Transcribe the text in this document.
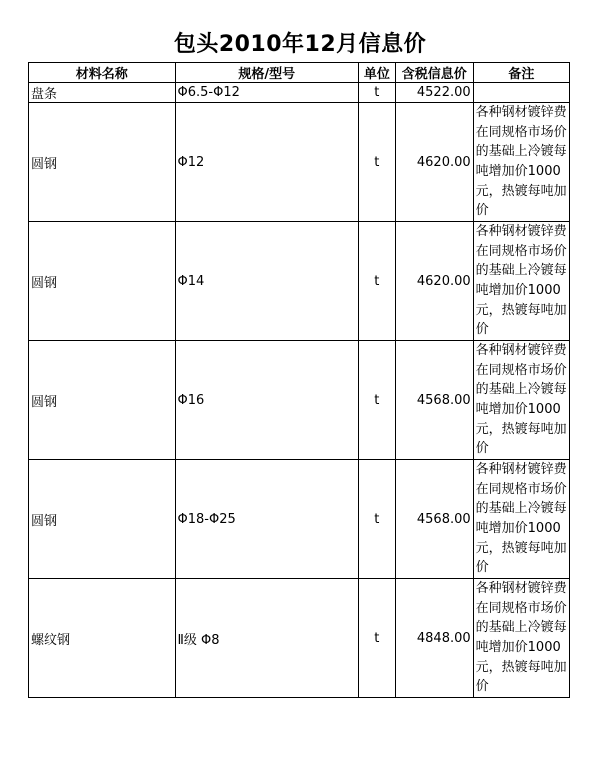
包头2010年12月信息价
材料名称	规格/型号	单位	含税信息价	备注
盘条	Φ6.5-Φ12	t	4522.00	
圆钢	Φ12	t	4620.00	各种钢材镀锌费在同规格市场价的基础上冷镀每吨增加价1000元，热镀每吨加价
圆钢	Φ14	t	4620.00	各种钢材镀锌费在同规格市场价的基础上冷镀每吨增加价1000元，热镀每吨加价
圆钢	Φ16	t	4568.00	各种钢材镀锌费在同规格市场价的基础上冷镀每吨增加价1000元，热镀每吨加价
圆钢	Φ18-Φ25	t	4568.00	各种钢材镀锌费在同规格市场价的基础上冷镀每吨增加价1000元，热镀每吨加价
螺纹钢	Ⅱ级 Φ8	t	4848.00	各种钢材镀锌费在同规格市场价的基础上冷镀每吨增加价1000元，热镀每吨加价
